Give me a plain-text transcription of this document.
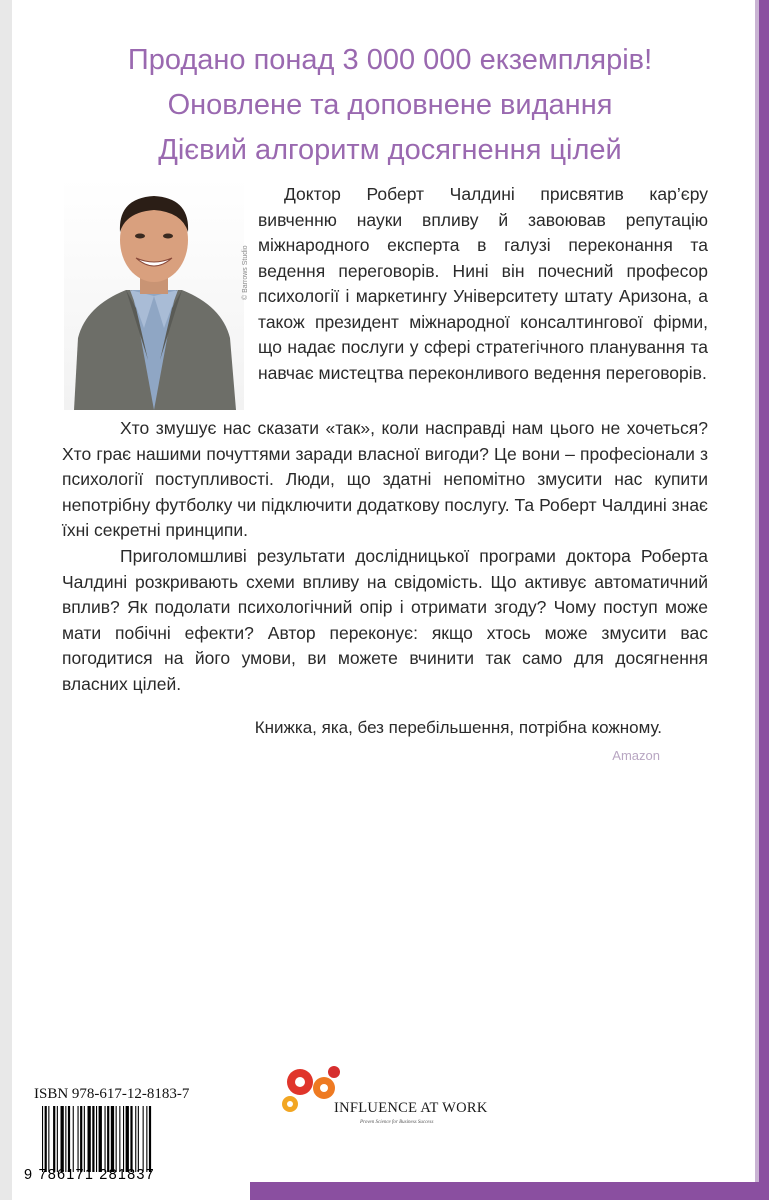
Продано понад 3 000 000 екземплярів!
Оновлене та доповнене видання
Дієвий алгоритм досягнення цілей
© Barrows Studio

Доктор Роберт Чалдині присвятив кар’єру вивченню науки впливу й завоював репутацію міжнародного експерта в галузі переконання та ведення переговорів. Нині він почесний професор психології і маркетингу Університету штату Аризона, а також президент міжнародної консалтингової фірми, що надає послуги у сфері стратегічного планування та навчає мистецтва переконливого ведення переговорів.

Хто змушує нас сказати «так», коли насправді нам цього не хочеться? Хто грає нашими почуттями заради власної вигоди? Це вони – професіонали з психології поступливості. Люди, що здатні непомітно змусити нас купити непотрібну футболку чи підключити додаткову послугу. Та Роберт Чалдині знає їхні секретні принципи.

Приголомшливі результати дослідницької програми доктора Роберта Чалдині розкривають схеми впливу на свідомість. Що активує автоматичний вплив? Як подолати психологічний опір і отримати згоду? Чому поступ може мати побічні ефекти? Автор переконує: якщо хтось може змусити вас погодитися на його умови, ви можете вчинити так само для досягнення власних цілей.

Книжка, яка, без перебільшення, потрібна кожному.

Amazon

INFLUENCE AT WORK
Proven Science for Business Success
ISBN 978-617-12-8183-7
9 786171 281837
